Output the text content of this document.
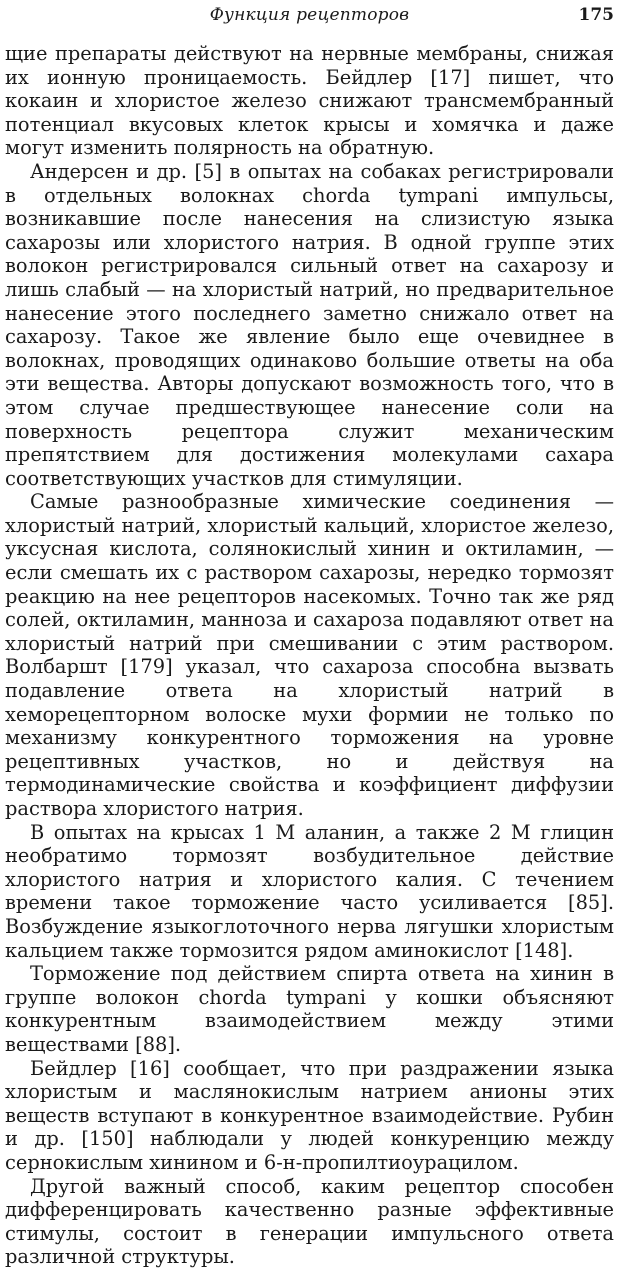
Функция рецепторов	175

щие препараты действуют на нервные мембраны, снижая их ионную проницаемость. Бейдлер [17] пишет, что кокаин и хлористое железо снижают трансмембранный потенциал вкусовых клеток крысы и хомячка и даже могут изменить полярность на обратную.

Андерсен и др. [5] в опытах на собаках регистрировали в отдельных волокнах chorda tympani импульсы, возникавшие после нанесения на слизистую языка сахарозы или хлористого натрия. В одной группе этих волокон регистрировался сильный ответ на сахарозу и лишь слабый — на хлористый натрий, но предварительное нанесение этого последнего заметно снижало ответ на сахарозу. Такое же явление было еще очевиднее в волокнах, проводящих одинаково большие ответы на оба эти вещества. Авторы допускают возможность того, что в этом случае предшествующее нанесение соли на поверхность рецептора служит механическим препятствием для достижения молекулами сахара соответствующих участков для стимуляции.

Самые разнообразные химические соединения — хлористый натрий, хлористый кальций, хлористое железо, уксусная кислота, солянокислый хинин и октиламин, — если смешать их с раствором сахарозы, нередко тормозят реакцию на нее рецепторов насекомых. Точно так же ряд солей, октиламин, манноза и сахароза подавляют ответ на хлористый натрий при смешивании с этим раствором. Волбаршт [179] указал, что сахароза способна вызвать подавление ответа на хлористый натрий в хеморецепторном волоске мухи формии не только по механизму конкурентного торможения на уровне рецептивных участков, но и действуя на термодинамические свойства и коэффициент диффузии раствора хлористого натрия.

В опытах на крысах 1 М аланин, а также 2 М глицин необратимо тормозят возбудительное действие хлористого натрия и хлористого калия. С течением времени такое торможение часто усиливается [85]. Возбуждение языкоглоточного нерва лягушки хлористым кальцием также тормозится рядом аминокислот [148].

Торможение под действием спирта ответа на хинин в группе волокон chorda tympani у кошки объясняют конкурентным взаимодействием между этими веществами [88].

Бейдлер [16] сообщает, что при раздражении языка хлористым и маслянокислым натрием анионы этих веществ вступают в конкурентное взаимодействие. Рубин и др. [150] наблюдали у людей конкуренцию между сернокислым хинином и 6-н-пропилтиоурацилом.

Другой важный способ, каким рецептор способен дифференцировать качественно разные эффективные стимулы, состоит в генерации импульсного ответа различной структуры.
